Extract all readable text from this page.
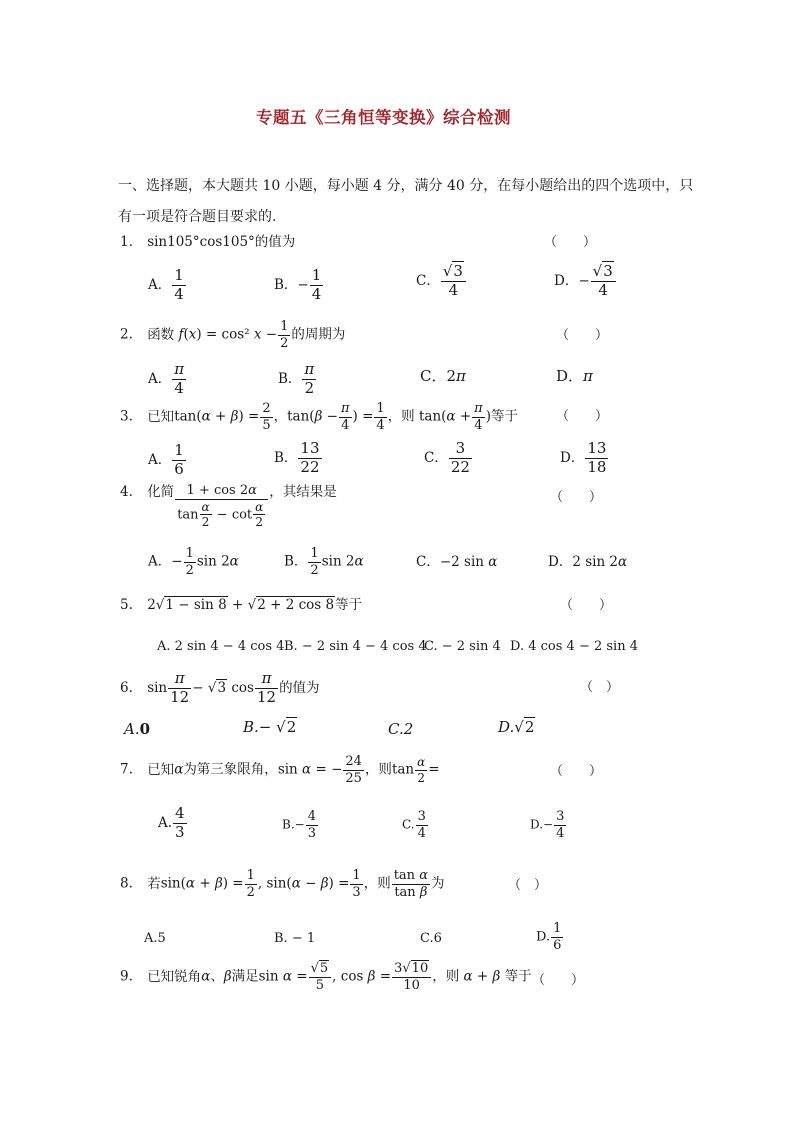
专题五《三角恒等变换》综合检测
一、选择题，本大题共 10 小题，每小题 4 分，满分 40 分，在每小题给出的四个选项中，只
有一项是符合题目要求的.
1. sin105°cos105°的值为	（　　）
A． $\frac{1}{4}$	B．− $\frac{1}{4}$	C． $\frac{√3}{4}$	D．− $\frac{√3}{4}$
2. 函数 f(x) = cos² $x - \frac{1}{2}$ 的周期为	（　　）
A． $\frac{\pi}{4}$	B． $\frac{\pi}{2}$	C．2π	D．π
3. 已知$\tan(\alpha + \beta) = \frac{2}{5}$ ，$\tan(\beta - \frac{\pi}{4}$ ) = $\frac{1}{4}$ ，则 $\tan(\alpha + \frac{\pi}{4}$ )等于	（　　）
A． $\frac{1}{6}$	B． $\frac{13}{22}$	C． $\frac{3}{22}$	D． $\frac{13}{18}$
4. 化简 $\frac{1 + \cos 2\alpha}{\tan \frac{\alpha}{2} - \cot \frac{\alpha}{2}}$ ，其结果是	（　　）
A．− $\frac{1}{2}$ sin 2α	B． $\frac{1}{2}$ sin 2α	C．−2 sin α	D．2 sin 2α
5. 2√1 − sin 8 + √2 + 2 cos 8等于	（　　）
A. 2 sin 4 − 4 cos 4 B. − 2 sin 4 − 4 cos 4
C. − 2 sin 4 D. 4 cos 4 − 2 sin 4
6. $\sin \frac{\pi}{12} - √3$ $\cos \frac{\pi}{12}$ 的值为	（　）
A.0	B.− √2	C.2	D.√2
7. 已知α为第三象限角，sin α = − $\frac{24}{25}$ ，则$\tan \frac{\alpha}{2}$ =	（　　）
A. $\frac{4}{3}$	$B.- \frac{4}{3}$	C. $\frac{3}{4}$	$D.- \frac{3}{4}$
8. 若$\sin(\alpha + \beta) = \frac{1}{2}$ , $\sin(\alpha - \beta) = \frac{1}{3}$ ，则 $\frac{\text{tan α}}{\text{tan β}}$ 为	（　）
A.5	B. − 1	C.6	D. $\frac{1}{6}$
9. 已知锐角α、β满足$\sin \alpha = \frac{√5}{5}$ , $\cos \beta = \frac{3√10}{10}$ ，则 α + β 等于 （　　）
